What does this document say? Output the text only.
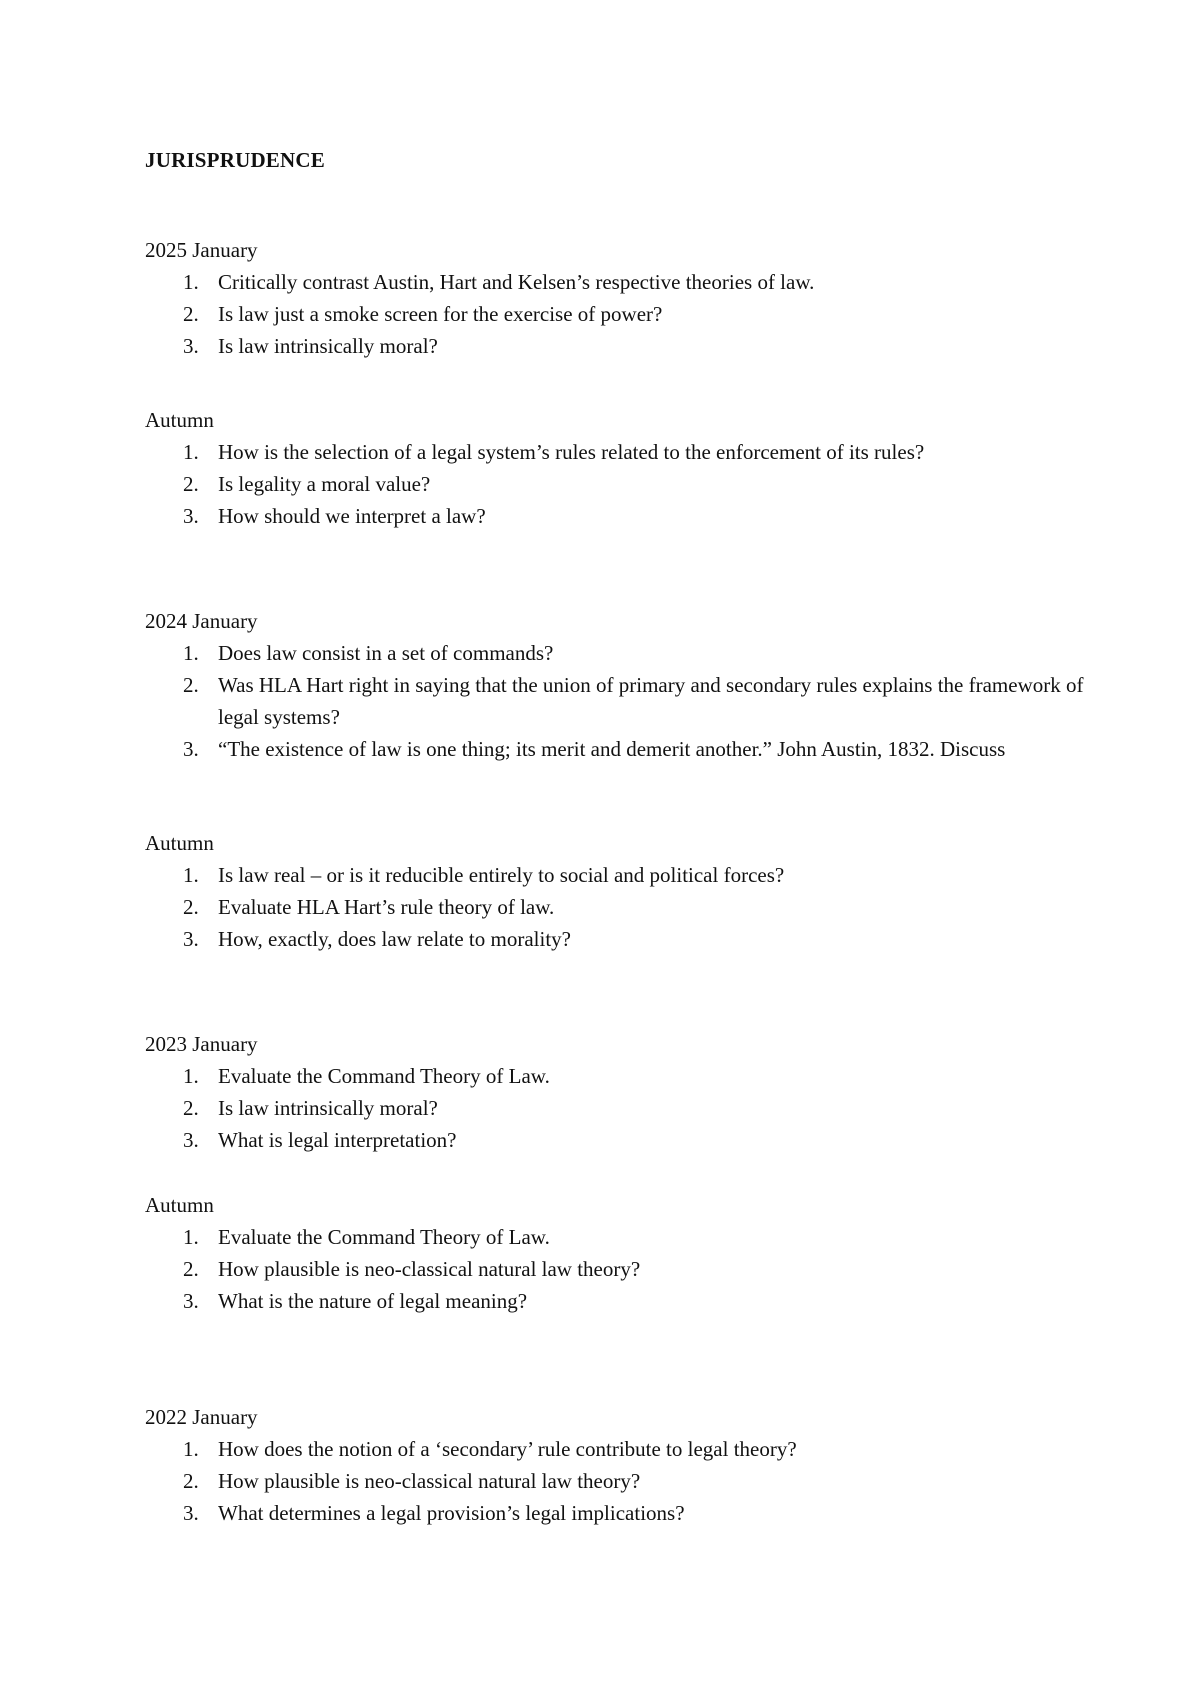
JURISPRUDENCE
2025 January
1. Critically contrast Austin, Hart and Kelsen’s respective theories of law.
2. Is law just a smoke screen for the exercise of power?
3. Is law intrinsically moral?
Autumn
1. How is the selection of a legal system’s rules related to the enforcement of its rules?
2. Is legality a moral value?
3. How should we interpret a law?
2024 January
1. Does law consist in a set of commands?
2. Was HLA Hart right in saying that the union of primary and secondary rules explains the framework of legal systems?
3. “The existence of law is one thing; its merit and demerit another.” John Austin, 1832. Discuss
Autumn
1. Is law real – or is it reducible entirely to social and political forces?
2. Evaluate HLA Hart’s rule theory of law.
3. How, exactly, does law relate to morality?
2023 January
1. Evaluate the Command Theory of Law.
2. Is law intrinsically moral?
3. What is legal interpretation?
Autumn
1. Evaluate the Command Theory of Law.
2. How plausible is neo-classical natural law theory?
3. What is the nature of legal meaning?
2022 January
1. How does the notion of a ‘secondary’ rule contribute to legal theory?
2. How plausible is neo-classical natural law theory?
3. What determines a legal provision’s legal implications?
